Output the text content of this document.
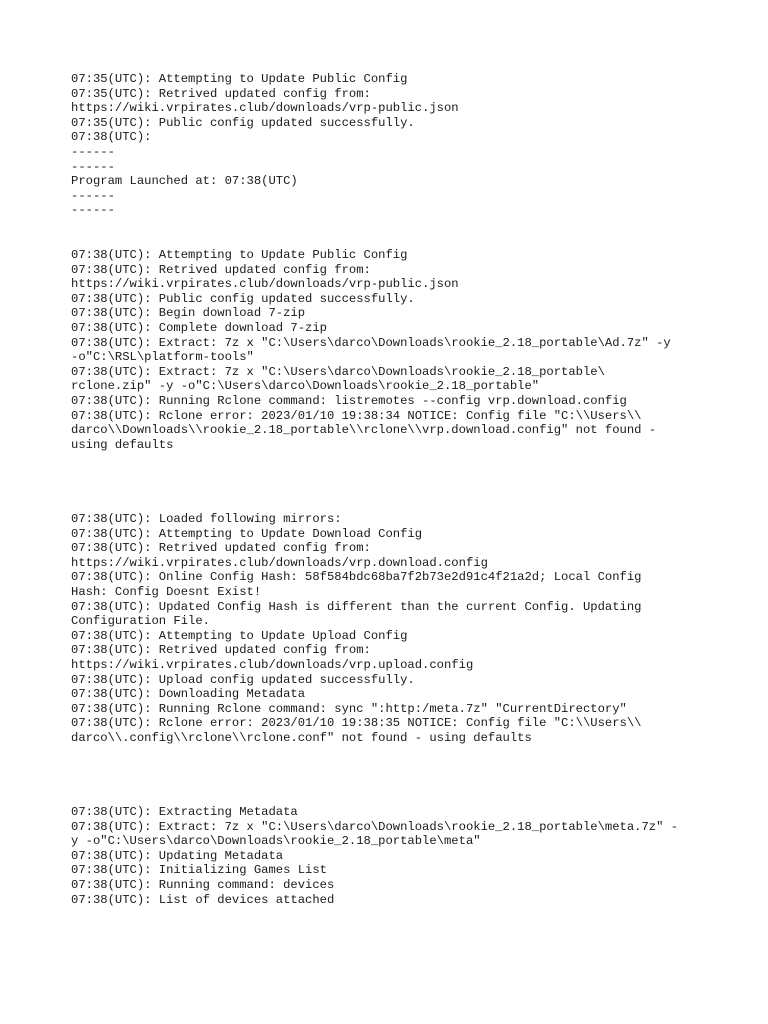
07:35(UTC): Attempting to Update Public Config
07:35(UTC): Retrived updated config from:
https://wiki.vrpirates.club/downloads/vrp-public.json
07:35(UTC): Public config updated successfully.
07:38(UTC):
------
------
Program Launched at: 07:38(UTC)
------
------
07:38(UTC): Attempting to Update Public Config
07:38(UTC): Retrived updated config from:
https://wiki.vrpirates.club/downloads/vrp-public.json
07:38(UTC): Public config updated successfully.
07:38(UTC): Begin download 7-zip
07:38(UTC): Complete download 7-zip
07:38(UTC): Extract: 7z x "C:\Users\darco\Downloads\rookie_2.18_portable\Ad.7z" -y
-o"C:\RSL\platform-tools"
07:38(UTC): Extract: 7z x "C:\Users\darco\Downloads\rookie_2.18_portable\
rclone.zip" -y -o"C:\Users\darco\Downloads\rookie_2.18_portable"
07:38(UTC): Running Rclone command: listremotes --config vrp.download.config
07:38(UTC): Rclone error: 2023/01/10 19:38:34 NOTICE: Config file "C:\\Users\\
darco\\Downloads\\rookie_2.18_portable\\rclone\\vrp.download.config" not found -
using defaults
07:38(UTC): Loaded following mirrors:
07:38(UTC): Attempting to Update Download Config
07:38(UTC): Retrived updated config from:
https://wiki.vrpirates.club/downloads/vrp.download.config
07:38(UTC): Online Config Hash: 58f584bdc68ba7f2b73e2d91c4f21a2d; Local Config
Hash: Config Doesnt Exist!
07:38(UTC): Updated Config Hash is different than the current Config. Updating
Configuration File.
07:38(UTC): Attempting to Update Upload Config
07:38(UTC): Retrived updated config from:
https://wiki.vrpirates.club/downloads/vrp.upload.config
07:38(UTC): Upload config updated successfully.
07:38(UTC): Downloading Metadata
07:38(UTC): Running Rclone command: sync ":http:/meta.7z" "CurrentDirectory"
07:38(UTC): Rclone error: 2023/01/10 19:38:35 NOTICE: Config file "C:\\Users\\
darco\\.config\\rclone\\rclone.conf" not found - using defaults
07:38(UTC): Extracting Metadata
07:38(UTC): Extract: 7z x "C:\Users\darco\Downloads\rookie_2.18_portable\meta.7z" -
y -o"C:\Users\darco\Downloads\rookie_2.18_portable\meta"
07:38(UTC): Updating Metadata
07:38(UTC): Initializing Games List
07:38(UTC): Running command: devices
07:38(UTC): List of devices attached
